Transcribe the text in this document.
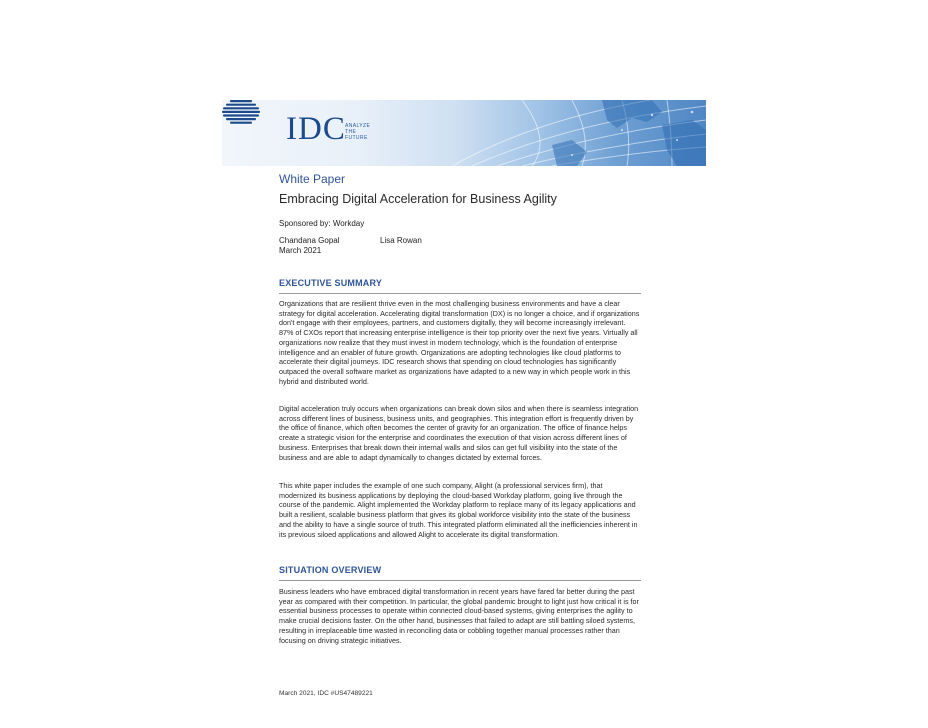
IDC ANALYZE
THE
FUTURE
White Paper
Embracing Digital Acceleration for Business Agility
Sponsored by: Workday
Chandana Gopal	Lisa Rowan
March 2021
EXECUTIVE SUMMARY
Organizations that are resilient thrive even in the most challenging business environments and have a clear strategy for digital acceleration. Accelerating digital transformation (DX) is no longer a choice, and if organizations don't engage with their employees, partners, and customers digitally, they will become increasingly irrelevant. 87% of CXOs report that increasing enterprise intelligence is their top priority over the next five years. Virtually all organizations now realize that they must invest in modern technology, which is the foundation of enterprise intelligence and an enabler of future growth. Organizations are adopting technologies like cloud platforms to accelerate their digital journeys. IDC research shows that spending on cloud technologies has significantly outpaced the overall software market as organizations have adapted to a new way in which people work in this hybrid and distributed world.
Digital acceleration truly occurs when organizations can break down silos and when there is seamless integration across different lines of business, business units, and geographies. This integration effort is frequently driven by the office of finance, which often becomes the center of gravity for an organization. The office of finance helps create a strategic vision for the enterprise and coordinates the execution of that vision across different lines of business. Enterprises that break down their internal walls and silos can get full visibility into the state of the business and are able to adapt dynamically to changes dictated by external forces.
This white paper includes the example of one such company, Alight (a professional services firm), that modernized its business applications by deploying the cloud-based Workday platform, going live through the course of the pandemic. Alight implemented the Workday platform to replace many of its legacy applications and built a resilient, scalable business platform that gives its global workforce visibility into the state of the business and the ability to have a single source of truth. This integrated platform eliminated all the inefficiencies inherent in its previous siloed applications and allowed Alight to accelerate its digital transformation.
SITUATION OVERVIEW
Business leaders who have embraced digital transformation in recent years have fared far better during the past year as compared with their competition. In particular, the global pandemic brought to light just how critical it is for essential business processes to operate within connected cloud-based systems, giving enterprises the agility to make crucial decisions faster. On the other hand, businesses that failed to adapt are still battling siloed systems, resulting in irreplaceable time wasted in reconciling data or cobbling together manual processes rather than focusing on driving strategic initiatives.
March 2021, IDC #US47489221
